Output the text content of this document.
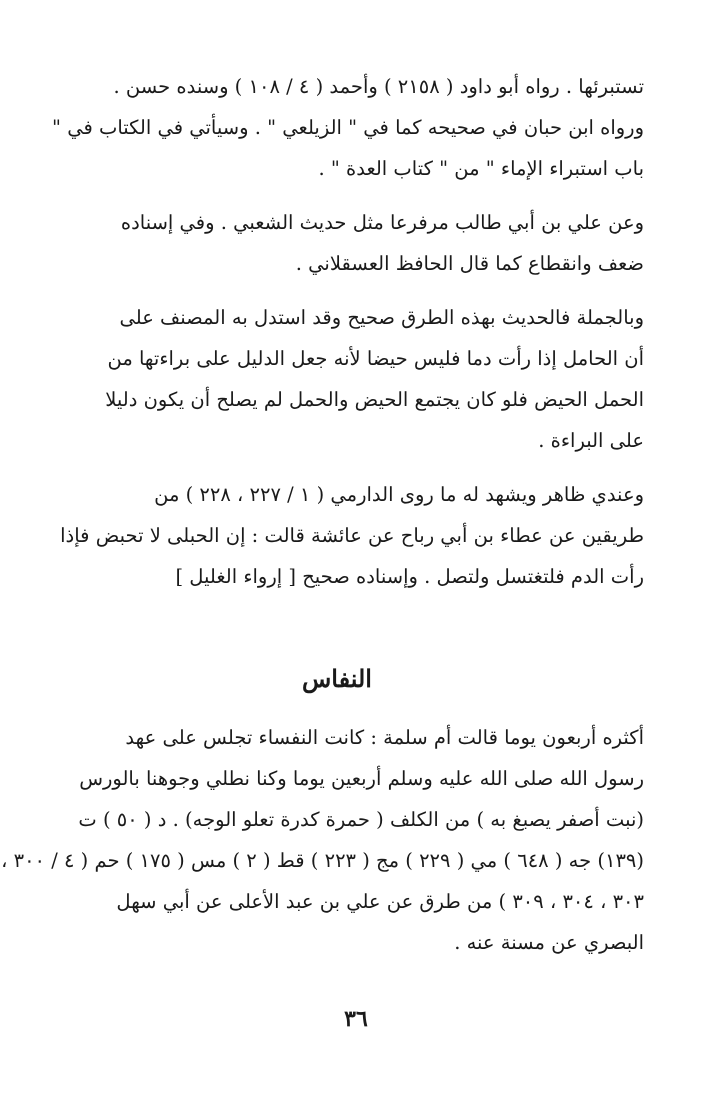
تستبرئها . رواه أبو داود ( ٢١٥٨ ) وأحمد ( ٤ / ١٠٨ ) وسنده حسن .
ورواه ابن حبان في صحيحه كما في " الزيلعي " . وسيأتي في الكتاب في "
باب استبراء الإماء " من " كتاب العدة " .

وعن علي بن أبي طالب مرفرعا مثل حديث الشعبي . وفي إسناده
ضعف وانقطاع كما قال الحافظ العسقلاني .

وبالجملة فالحديث بهذه الطرق صحيح وقد استدل به المصنف على
أن الحامل إذا رأت دما فليس حيضا لأنه جعل الدليل على براءتها من
الحمل الحيض فلو كان يجتمع الحيض والحمل لم يصلح أن يكون دليلا
على البراءة .

وعندي ظاهر ويشهد له ما روى الدارمي ( ١ / ٢٢٧ ، ٢٢٨ ) من
طريقين عن عطاء بن أبي رباح عن عائشة قالت : إن الحبلى لا تحبض فإذا
رأت الدم فلتغتسل ولتصل . وإسناده صحيح [ إرواء الغليل ]

النفاس

أكثره أربعون يوما قالت أم سلمة : كانت النفساء تجلس على عهد
رسول الله صلى الله عليه وسلم أربعين يوما وكنا نطلي وجوهنا بالورس
(نبت أصفر يصبغ به ) من الكلف ( حمرة كدرة تعلو الوجه) . د ( ٥٠ ) ت
(١٣٩) جه ( ٦٤٨ ) مي ( ٢٢٩ ) مج ( ٢٢٣ ) قط ( ٢ ) مس ( ١٧٥ ) حم ( ٤ / ٣٠٠ ،
٣٠٣ ، ٣٠٤ ، ٣٠٩ ) من طرق عن علي بن عبد الأعلى عن أبي سهل
البصري عن مسنة عنه .

٣٦
